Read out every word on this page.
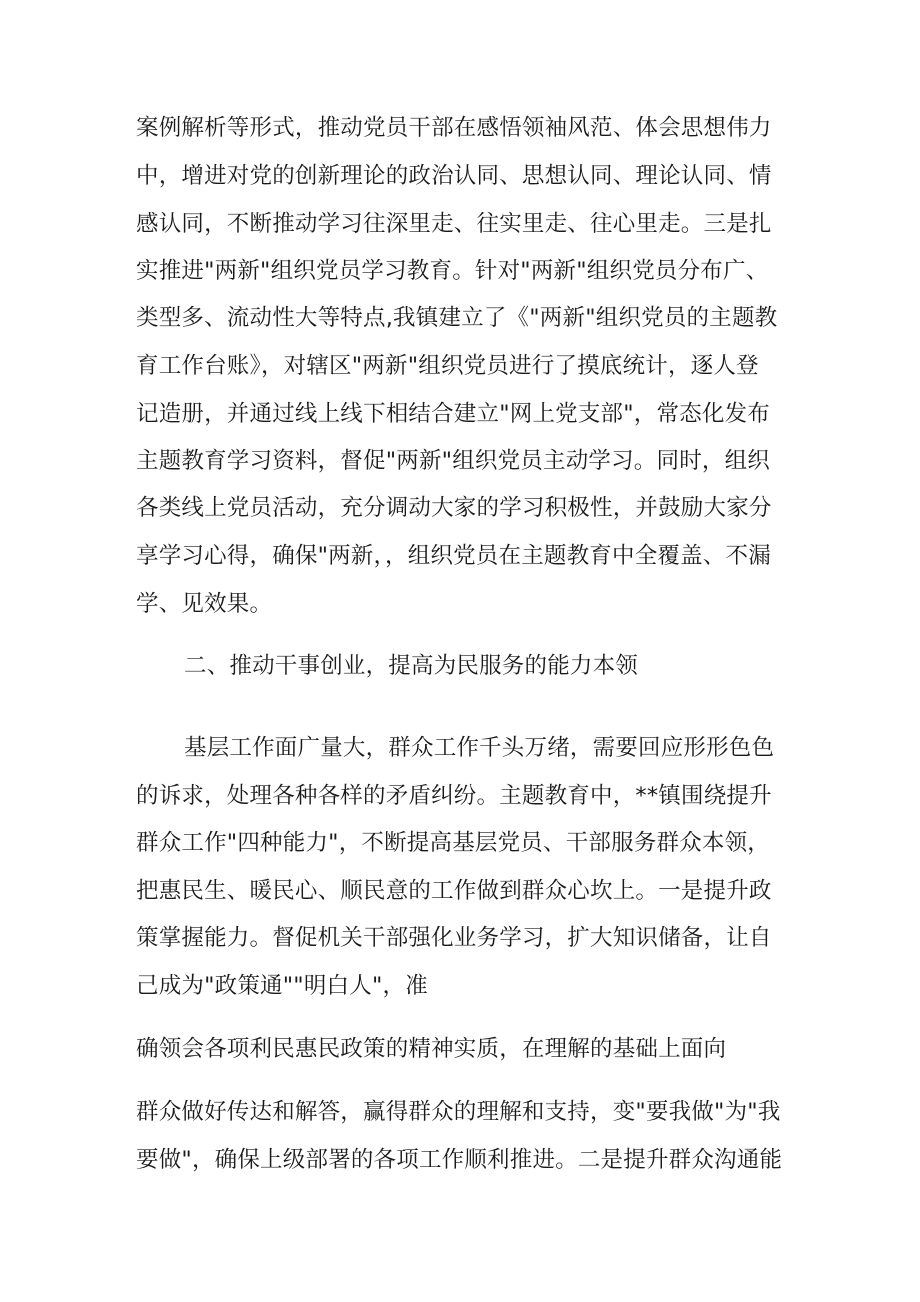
案例解析等形式，推动党员干部在感悟领袖风范、体会思想伟力
中，增进对党的创新理论的政治认同、思想认同、理论认同、情
感认同，不断推动学习往深里走、往实里走、往心里走。三是扎
实推进"两新"组织党员学习教育。针对"两新"组织党员分布广、
类型多、流动性大等特点,我镇建立了《"两新"组织党员的主题教
育工作台账》，对辖区"两新"组织党员进行了摸底统计，逐人登
记造册，并通过线上线下相结合建立"网上党支部"，常态化发布
主题教育学习资料，督促"两新"组织党员主动学习。同时，组织
各类线上党员活动，充分调动大家的学习积极性，并鼓励大家分
享学习心得，确保"两新，，组织党员在主题教育中全覆盖、不漏
学、见效果。
二、推动干事创业，提高为民服务的能力本领
基层工作面广量大，群众工作千头万绪，需要回应形形色色
的诉求，处理各种各样的矛盾纠纷。主题教育中，**镇围绕提升
群众工作"四种能力"，不断提高基层党员、干部服务群众本领，
把惠民生、暖民心、顺民意的工作做到群众心坎上。一是提升政
策掌握能力。督促机关干部强化业务学习，扩大知识储备，让自
己成为"政策通""明白人"，准
确领会各项利民惠民政策的精神实质，在理解的基础上面向
群众做好传达和解答，赢得群众的理解和支持，变"要我做"为"我
要做"，确保上级部署的各项工作顺利推进。二是提升群众沟通能
